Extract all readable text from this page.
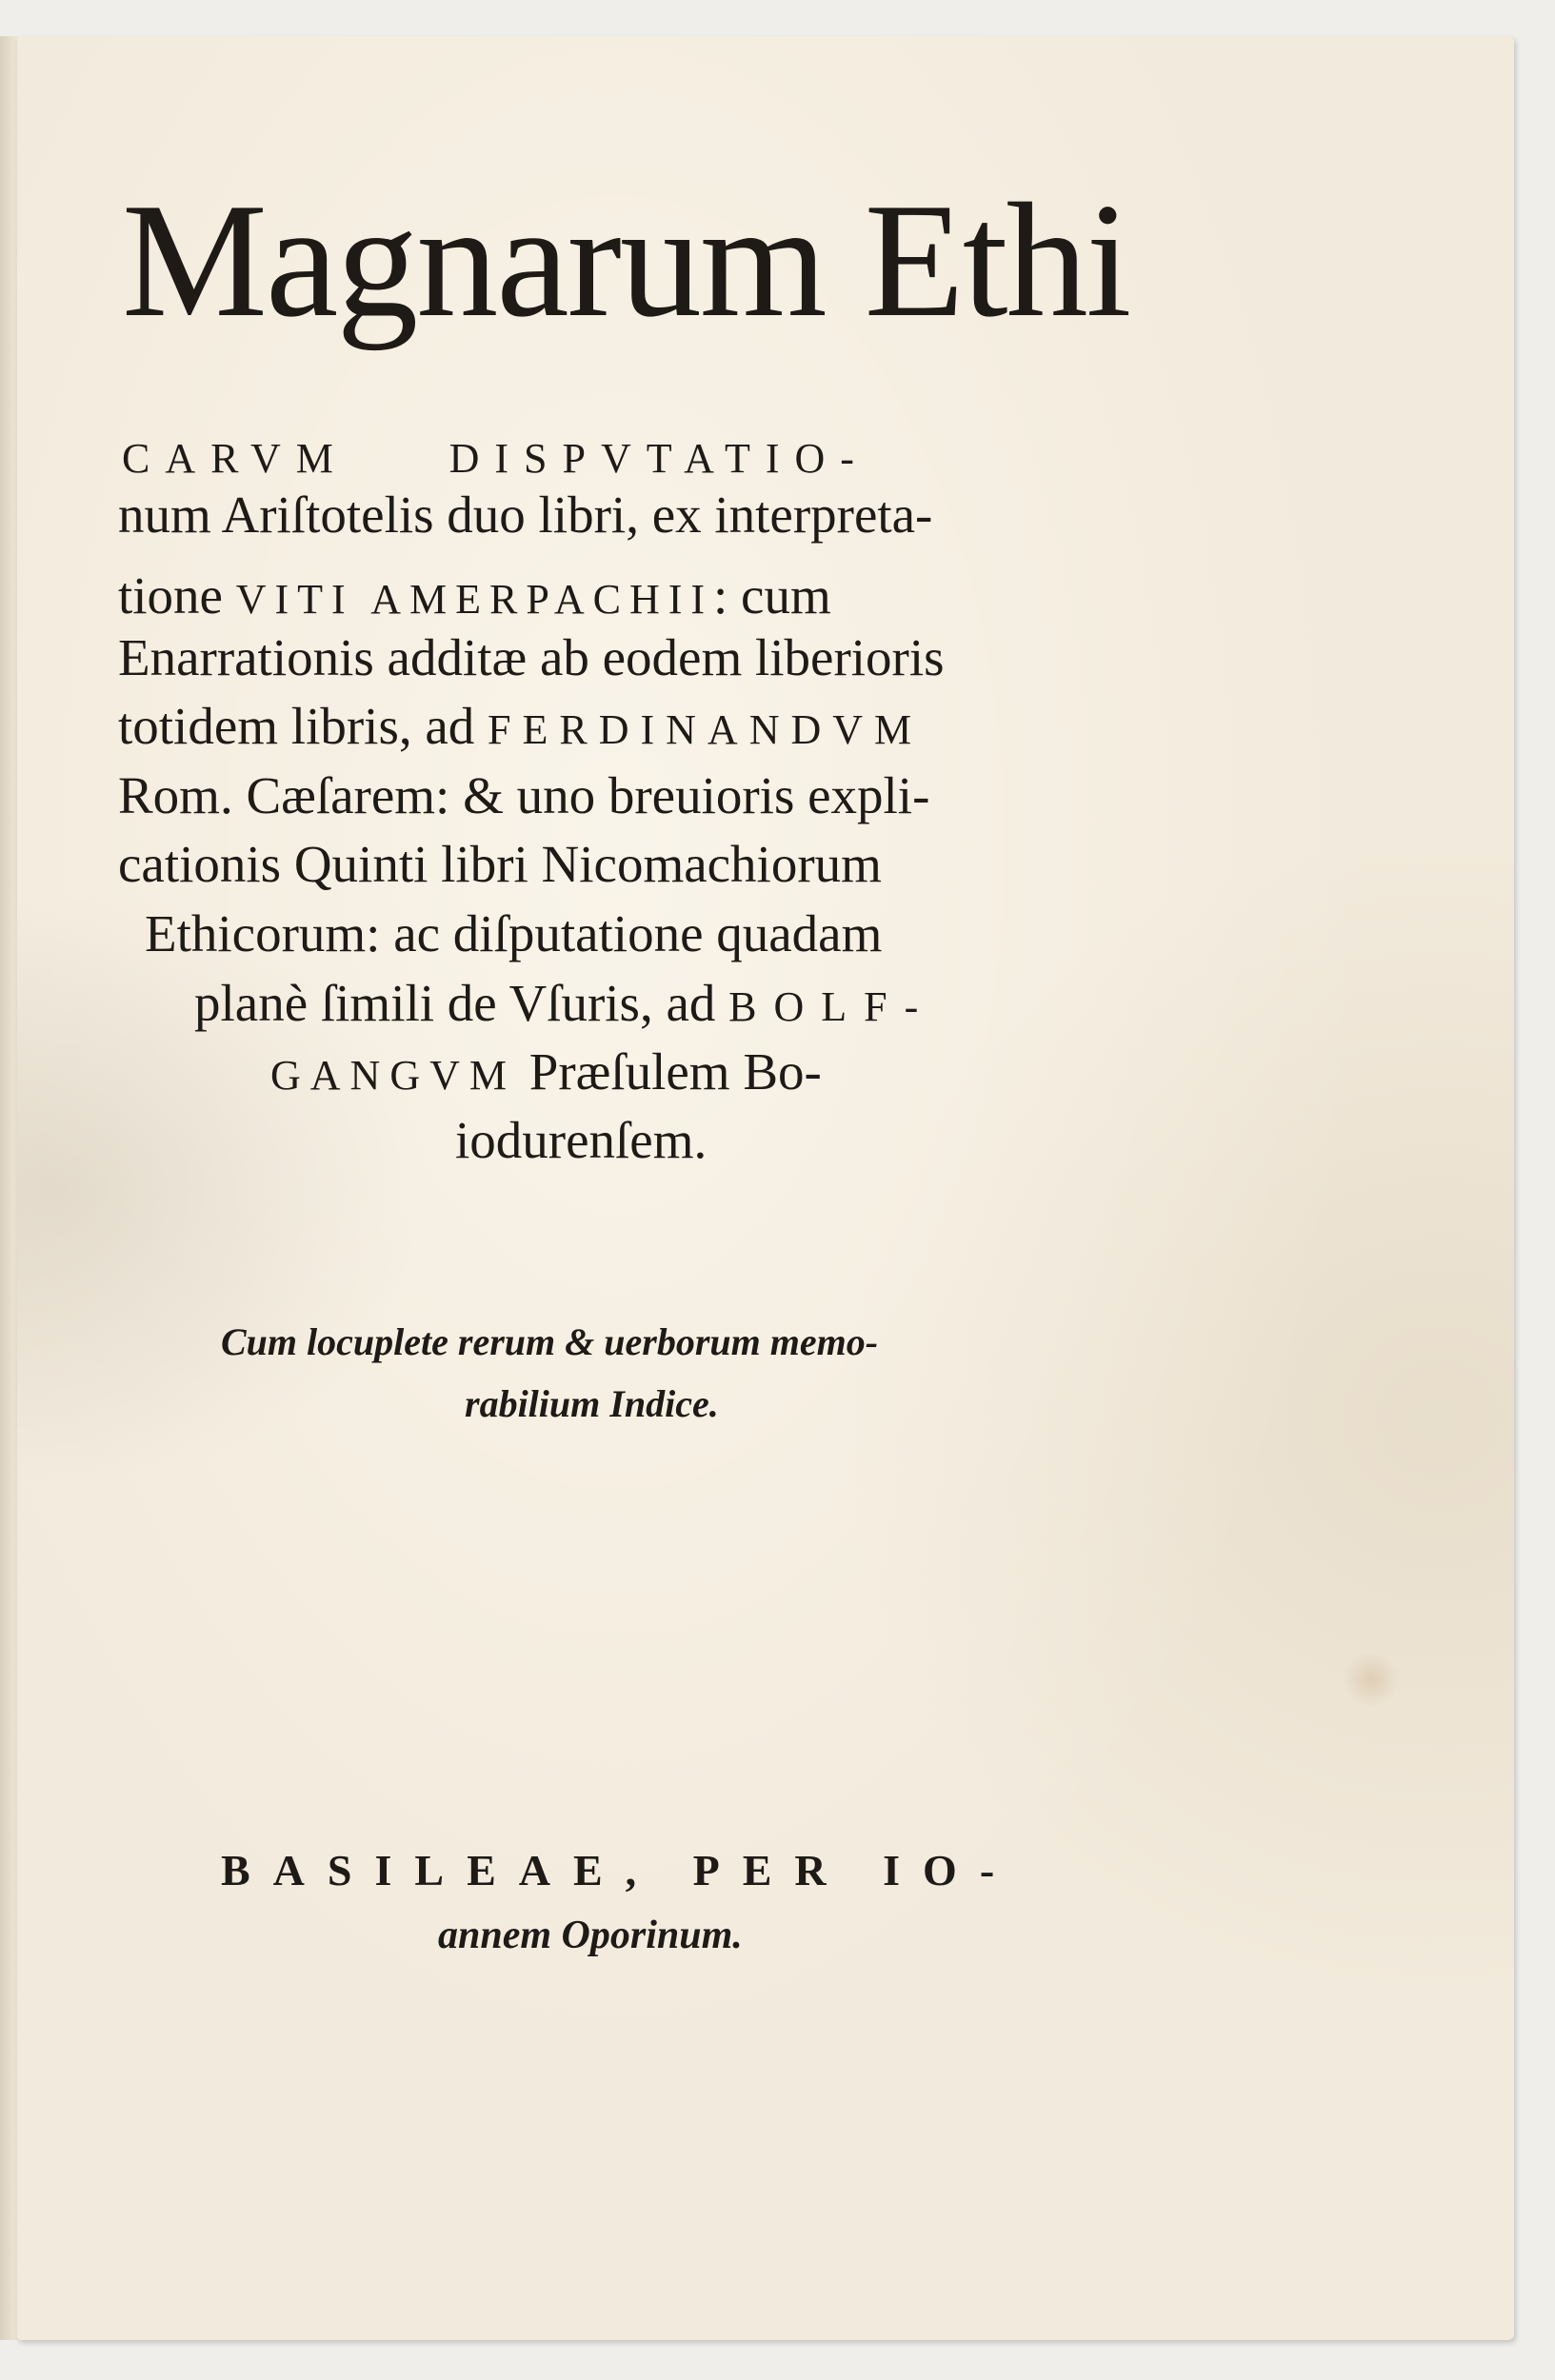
Magnarum Ethi
CARVM DISPVTATIO-
num Ariſtotelis duo libri, ex interpreta-
tione VITI AMERPACHII: cum
Enarrationis additæ ab eodem liberioris
totidem libris, ad FERDINANDVM
Rom. Cæſarem: & uno breuioris expli-
cationis Quinti libri Nicomachiorum
Ethicorum: ac diſputatione quadam
planè ſimili de Vſuris, ad BOLF-
GANGVM Præſulem Bo-
iodurenſem.
Cum locuplete rerum & uerborum memo-
rabilium Indice.
BASILEAE, PER IO-
annem Oporinum.
